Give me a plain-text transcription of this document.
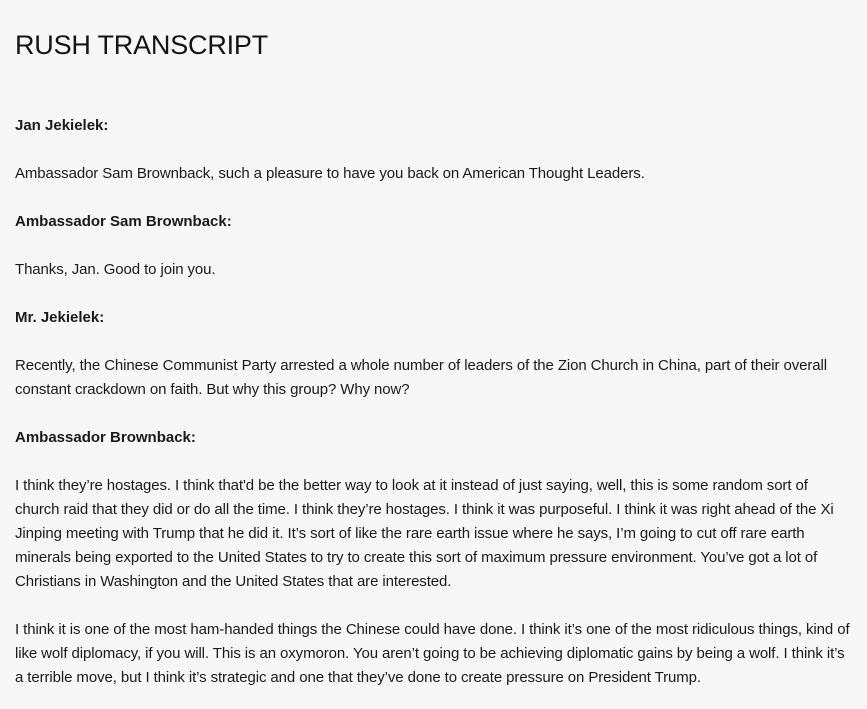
RUSH TRANSCRIPT

Jan Jekielek:

Ambassador Sam Brownback, such a pleasure to have you back on American Thought Leaders.

Ambassador Sam Brownback:

Thanks, Jan. Good to join you.

Mr. Jekielek:

Recently, the Chinese Communist Party arrested a whole number of leaders of the Zion Church in China, part of their overall constant crackdown on faith. But why this group? Why now?

Ambassador Brownback:

I think they’re hostages. I think that'd be the better way to look at it instead of just saying, well, this is some random sort of church raid that they did or do all the time. I think they’re hostages. I think it was purposeful. I think it was right ahead of the Xi Jinping meeting with Trump that he did it. It’s sort of like the rare earth issue where he says, I’m going to cut off rare earth minerals being exported to the United States to try to create this sort of maximum pressure environment. You’ve got a lot of Christians in Washington and the United States that are interested.

I think it is one of the most ham-handed things the Chinese could have done. I think it’s one of the most ridiculous things, kind of like wolf diplomacy, if you will. This is an oxymoron. You aren’t going to be achieving diplomatic gains by being a wolf. I think it’s a terrible move, but I think it’s strategic and one that they’ve done to create pressure on President Trump.
